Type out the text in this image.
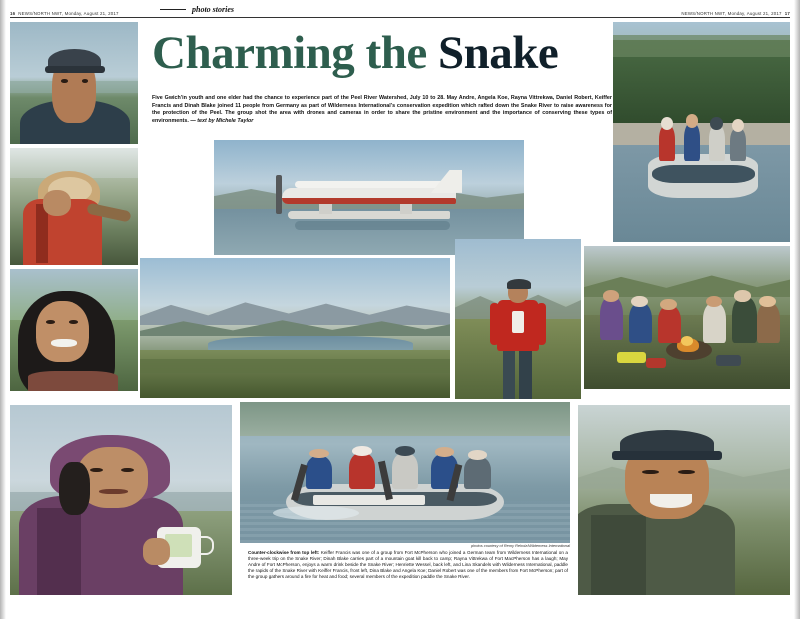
16 NEWS/NORTH NWT, Monday, August 21, 2017	NEWS/NORTH NWT, Monday, August 21, 2017 17
photo stories
Charming the Snake
Five Gwich'in youth and one elder had the chance to experience part of the Peel River Watershed, July 10 to 28. May Andre, Angela Koe, Rayna Vittrekwa, Daniel Robert, Keiffer Francis and Dinah Blake joined 11 people from Germany as part of Wilderness International's conservation expedition which rafted down the Snake River to raise awareness for the protection of the Peel. The group shot the area with drones and cameras in order to share the pristine environment and the importance of conserving these types of environments. — text by Michele Taylor
photos courtesy of Remy Reholz/Wilderness International
Counter-clockwise from top left: Keiffer Francis was one of a group from Fort McPherson who joined a German team from Wilderness International on a three-week trip on the Snake River; Dinah Blake carries part of a mountain goat kill back to camp; Rayna Vittrekwa of Fort MacPherson has a laugh; May Andre of Fort McPherson, enjoys a warm drink beside the Snake River; Henriette Wessel, back left, and Lina Skandels with Wilderness International, paddle the rapids of the Snake River with Keiffer Francis, front left, Dina Blake and Angela Koe; Daniel Robert was one of the members from Fort McPherson; part of the group gathers around a fire for heat and food; several members of the expedition paddle the Snake River.
